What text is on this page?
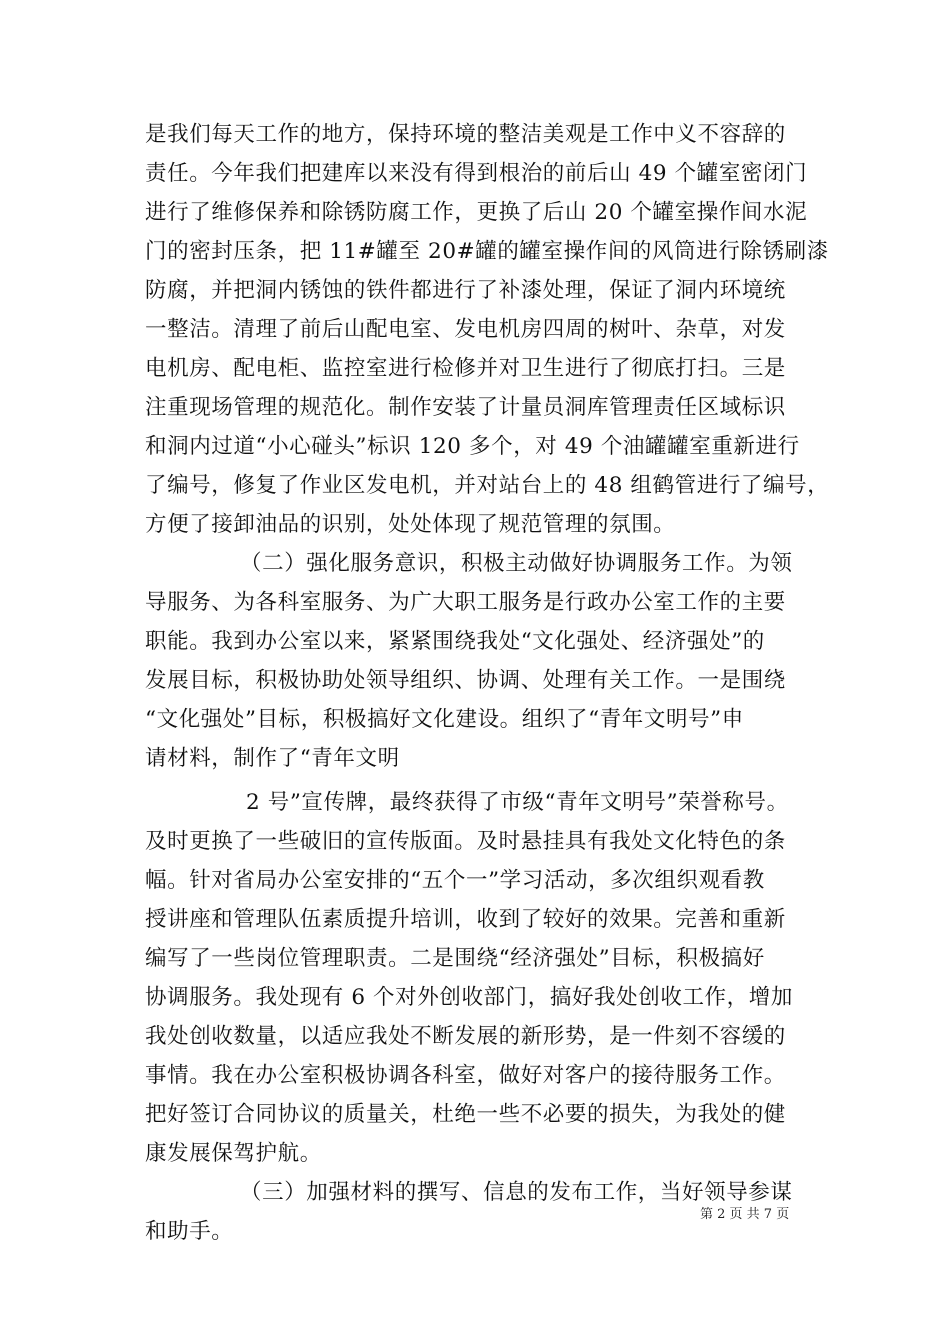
是我们每天工作的地方，保持环境的整洁美观是工作中义不容辞的
责任。今年我们把建库以来没有得到根治的前后山 49 个罐室密闭门
进行了维修保养和除锈防腐工作，更换了后山 20 个罐室操作间水泥
门的密封压条，把 11#罐至 20#罐的罐室操作间的风筒进行除锈刷漆
防腐，并把洞内锈蚀的铁件都进行了补漆处理，保证了洞内环境统
一整洁。清理了前后山配电室、发电机房四周的树叶、杂草，对发
电机房、配电柜、监控室进行检修并对卫生进行了彻底打扫。三是
注重现场管理的规范化。制作安装了计量员洞库管理责任区域标识
和洞内过道“小心碰头”标识 120 多个，对 49 个油罐罐室重新进行
了编号，修复了作业区发电机，并对站台上的 48 组鹤管进行了编号，
方便了接卸油品的识别，处处体现了规范管理的氛围。
（二）强化服务意识，积极主动做好协调服务工作。为领
导服务、为各科室服务、为广大职工服务是行政办公室工作的主要
职能。我到办公室以来，紧紧围绕我处“文化强处、经济强处”的
发展目标，积极协助处领导组织、协调、处理有关工作。一是围绕
“文化强处”目标，积极搞好文化建设。组织了“青年文明号”申
请材料，制作了“青年文明
2 号”宣传牌，最终获得了市级“青年文明号”荣誉称号。
及时更换了一些破旧的宣传版面。及时悬挂具有我处文化特色的条
幅。针对省局办公室安排的“五个一”学习活动，多次组织观看教
授讲座和管理队伍素质提升培训，收到了较好的效果。完善和重新
编写了一些岗位管理职责。二是围绕“经济强处”目标，积极搞好
协调服务。我处现有 6 个对外创收部门，搞好我处创收工作，增加
我处创收数量，以适应我处不断发展的新形势，是一件刻不容缓的
事情。我在办公室积极协调各科室，做好对客户的接待服务工作。
把好签订合同协议的质量关，杜绝一些不必要的损失，为我处的健
康发展保驾护航。
（三）加强材料的撰写、信息的发布工作，当好领导参谋
和助手。
第 2 页 共 7 页
